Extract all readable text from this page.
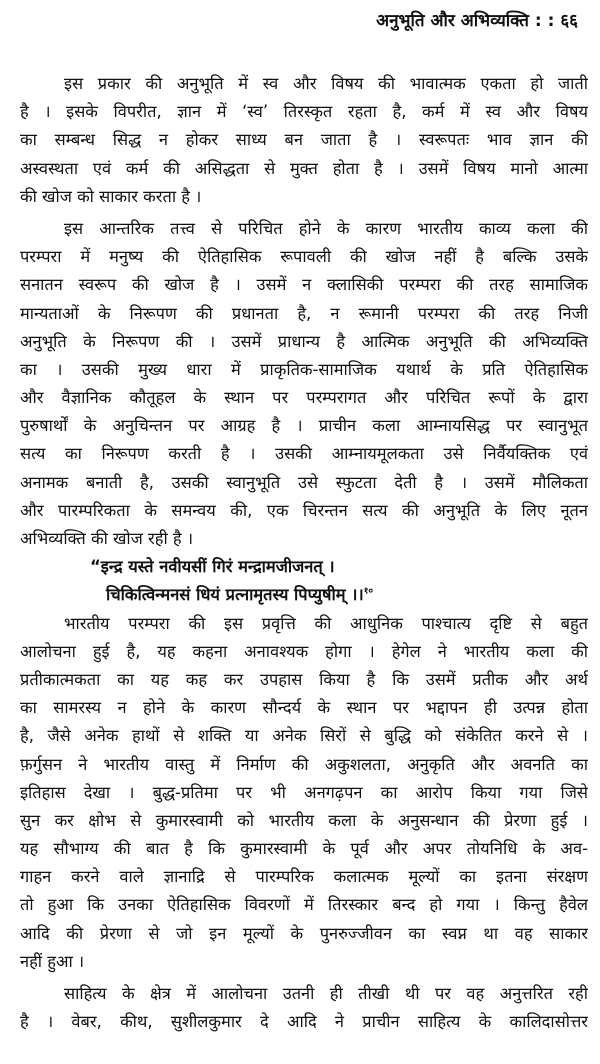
अनुभूति और अभिव्यक्ति : : ६६
इस प्रकार की अनुभूति में स्व और विषय की भावात्मक एकता हो जाती
है । इसके विपरीत, ज्ञान में ‘स्व’ तिरस्कृत रहता है, कर्म में स्व और विषय
का सम्बन्ध सिद्ध न होकर साध्य बन जाता है । स्वरूपतः भाव ज्ञान की
अस्वस्थता एवं कर्म की असिद्धता से मुक्त होता है । उसमें विषय मानो आत्मा
की खोज को साकार करता है ।
इस आन्तरिक तत्त्व से परिचित होने के कारण भारतीय काव्य कला की
परम्परा में मनुष्य की ऐतिहासिक रूपावली की खोज नहीं है बल्कि उसके
सनातन स्वरूप की खोज है । उसमें न क्लासिकी परम्परा की तरह सामाजिक
मान्यताओं के निरूपण की प्रधानता है, न रूमानी परम्परा की तरह निजी
अनुभूति के निरूपण की । उसमें प्राधान्य है आत्मिक अनुभूति की अभिव्यक्ति
का । उसकी मुख्य धारा में प्राकृतिक-सामाजिक यथार्थ के प्रति ऐतिहासिक
और वैज्ञानिक कौतूहल के स्थान पर परम्परागत और परिचित रूपों के द्वारा
पुरुषार्थों के अनुचिन्तन पर आग्रह है । प्राचीन कला आम्नायसिद्ध पर स्वानुभूत
सत्य का निरूपण करती है । उसकी आम्नायमूलकता उसे निर्वैयक्तिक एवं
अनामक बनाती है, उसकी स्वानुभूति उसे स्फुटता देती है । उसमें मौलिकता
और पारम्परिकता के समन्वय की, एक चिरन्तन सत्य की अनुभूति के लिए नूतन
अभिव्यक्ति की खोज रही है ।
“इन्द्र यस्ते नवीयसीं गिरं मन्द्रामजीजनत् ।
चिकित्विन्मनसं धियं प्रत्नामृतस्य पिप्युषीम् ।।$^{१०}$
भारतीय परम्परा की इस प्रवृत्ति की आधुनिक पाश्चात्य दृष्टि से बहुत
आलोचना हुई है, यह कहना अनावश्यक होगा । हेगेल ने भारतीय कला की
प्रतीकात्मकता का यह कह कर उपहास किया है कि उसमें प्रतीक और अर्थ
का सामरस्य न होने के कारण सौन्दर्य के स्थान पर भद्दापन ही उत्पन्न होता
है, जैसे अनेक हाथों से शक्ति या अनेक सिरों से बुद्धि को संकेतित करने से ।
फ़र्गुसन ने भारतीय वास्तु में निर्माण की अकुशलता, अनुकृति और अवनति का
इतिहास देखा । बुद्ध-प्रतिमा पर भी अनगढ़पन का आरोप किया गया जिसे
सुन कर क्षोभ से कुमारस्वामी को भारतीय कला के अनुसन्धान की प्रेरणा हुई ।
यह सौभाग्य की बात है कि कुमारस्वामी के पूर्व और अपर तोयनिधि के अव-
गाहन करने वाले ज्ञानाद्रि से पारम्परिक कलात्मक मूल्यों का इतना संरक्षण
तो हुआ कि उनका ऐतिहासिक विवरणों में तिरस्कार बन्द हो गया । किन्तु हैवेल
आदि की प्रेरणा से जो इन मूल्यों के पुनरुज्जीवन का स्वप्न था वह साकार
नहीं हुआ ।
साहित्य के क्षेत्र में आलोचना उतनी ही तीखी थी पर वह अनुत्तरित रही
है । वेबर, कीथ, सुशीलकुमार दे आदि ने प्राचीन साहित्य के कालिदासोत्तर
